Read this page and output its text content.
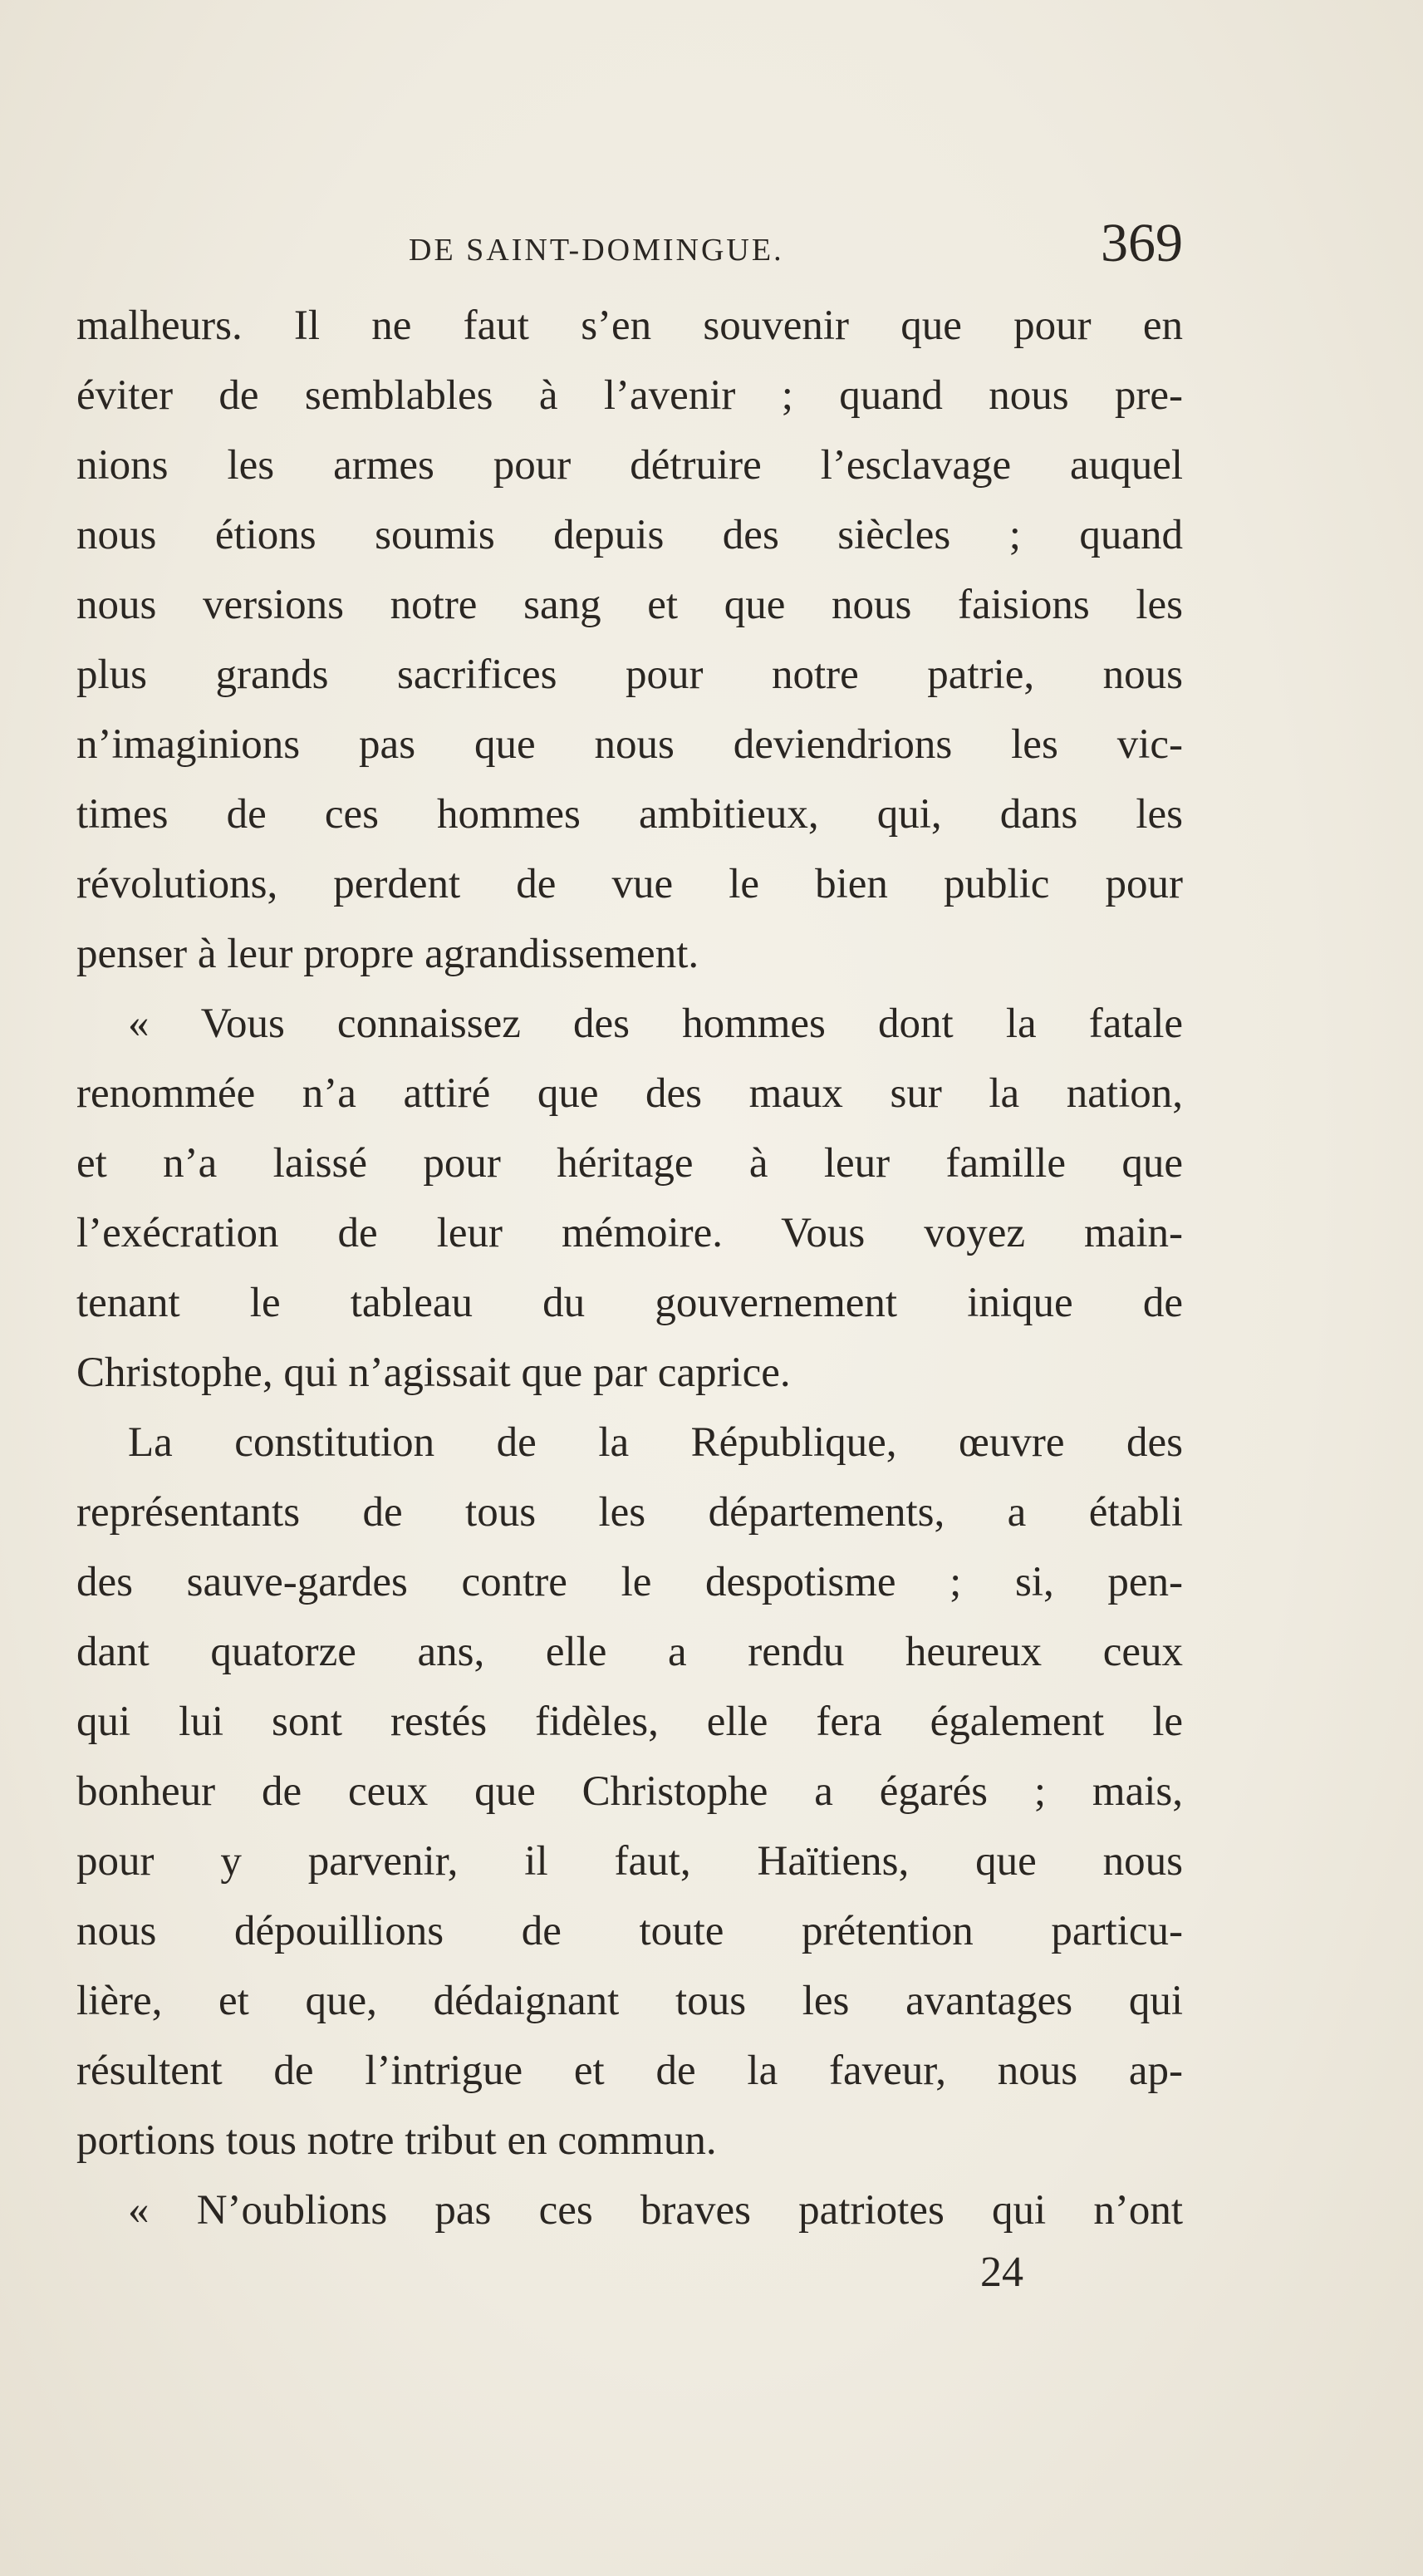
DE SAINT-DOMINGUE.	369
malheurs. Il ne faut s’en souvenir que pour en
éviter de semblables à l’avenir ; quand nous pre-
nions les armes pour détruire l’esclavage auquel
nous étions soumis depuis des siècles ; quand
nous versions notre sang et que nous faisions les
plus grands sacrifices pour notre patrie, nous
n’imaginions pas que nous deviendrions les vic-
times de ces hommes ambitieux, qui, dans les
révolutions, perdent de vue le bien public pour
penser à leur propre agrandissement.
« Vous connaissez des hommes dont la fatale
renommée n’a attiré que des maux sur la nation,
et n’a laissé pour héritage à leur famille que
l’exécration de leur mémoire. Vous voyez main-
tenant le tableau du gouvernement inique de
Christophe, qui n’agissait que par caprice.
La constitution de la République, œuvre des
représentants de tous les départements, a établi
des sauve-gardes contre le despotisme ; si, pen-
dant quatorze ans, elle a rendu heureux ceux
qui lui sont restés fidèles, elle fera également le
bonheur de ceux que Christophe a égarés ; mais,
pour y parvenir, il faut, Haïtiens, que nous
nous dépouillions de toute prétention particu-
lière, et que, dédaignant tous les avantages qui
résultent de l’intrigue et de la faveur, nous ap-
portions tous notre tribut en commun.
« N’oublions pas ces braves patriotes qui n’ont
24
